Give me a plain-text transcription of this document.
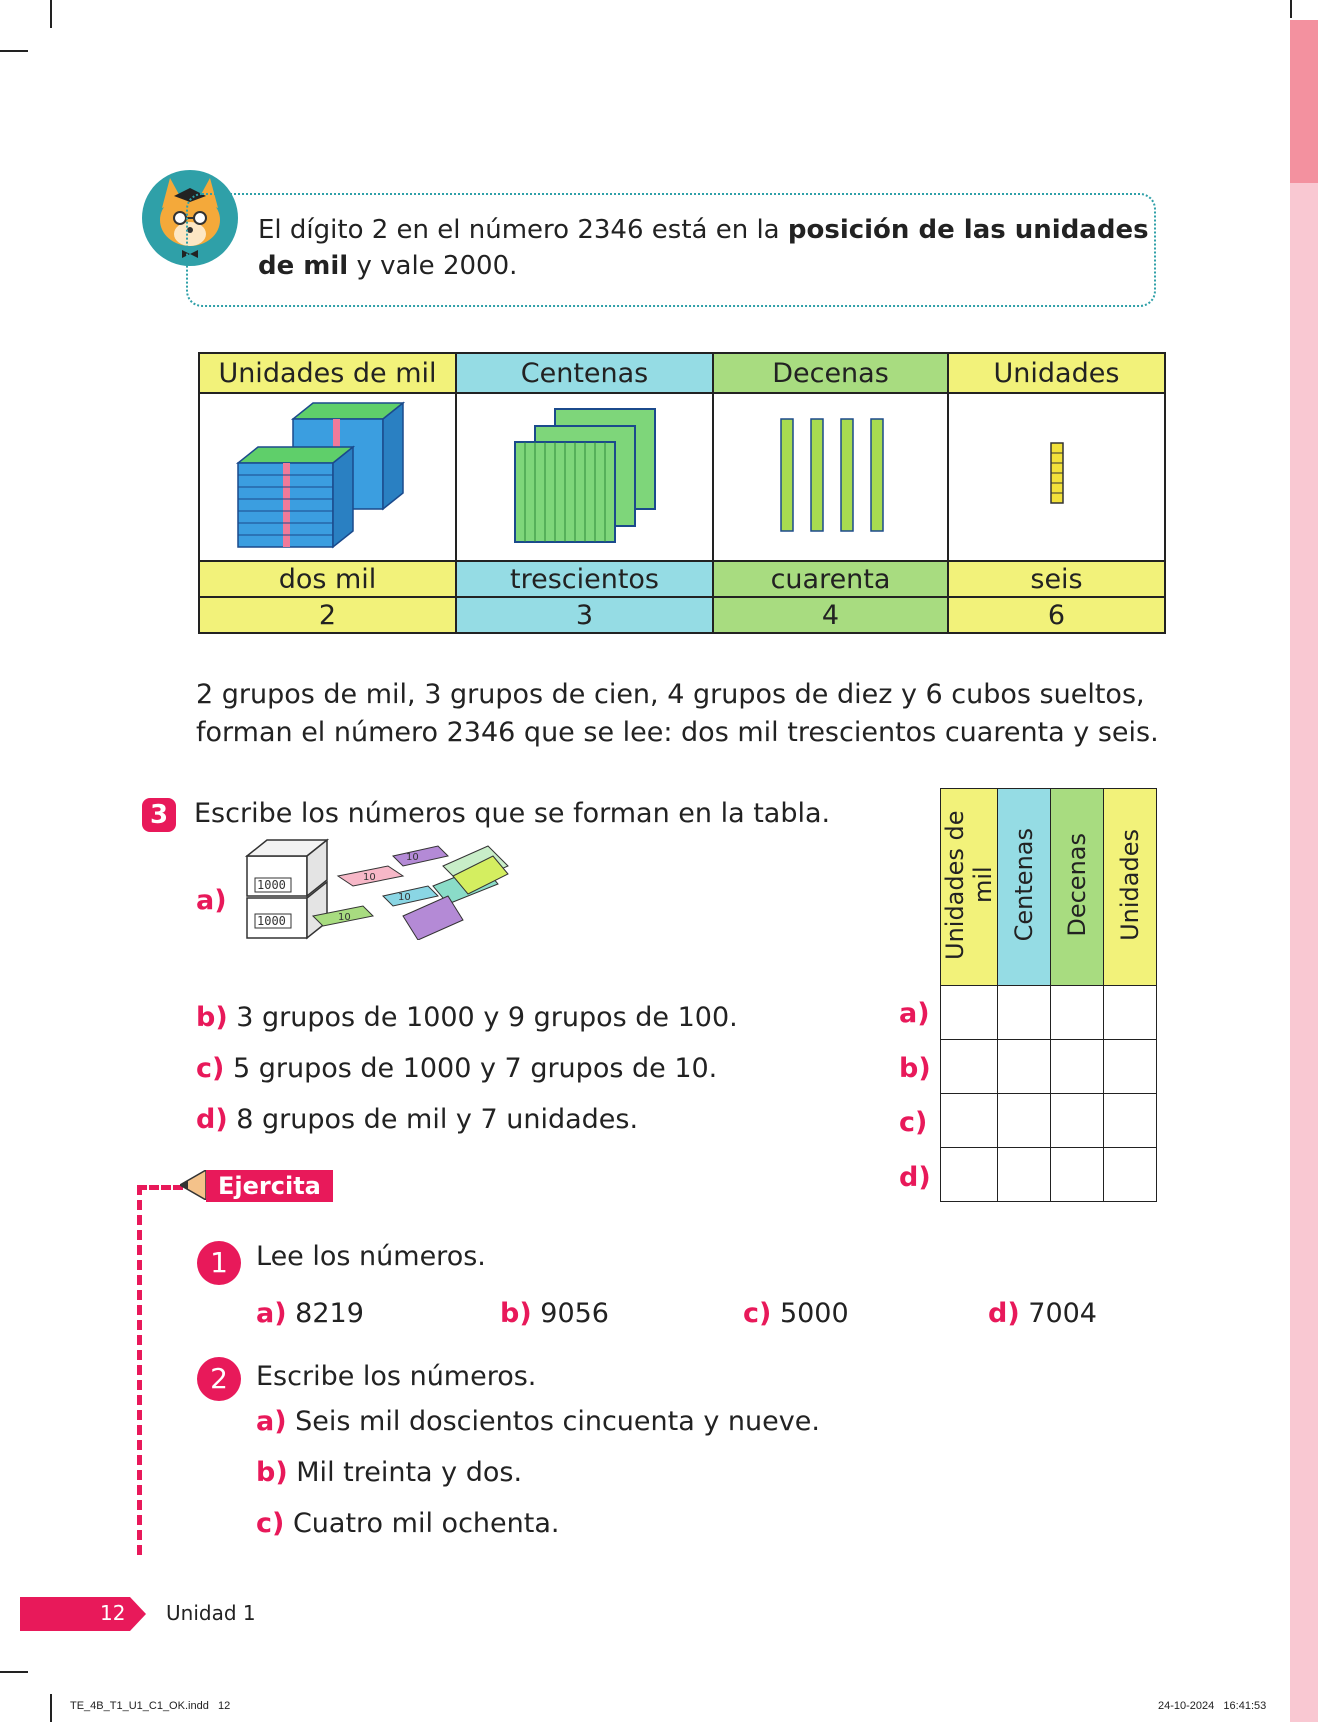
El dígito 2 en el número 2346 está en la posición de las unidades de mil y vale 2000.
Unidades de mil	Centenas	Decenas	Unidades

dos mil	trescientos	cuarenta	seis
2	3	4	6
2 grupos de mil, 3 grupos de cien, 4 grupos de diez y 6 cubos sueltos,
forman el número 2346 que se lee: dos mil trescientos cuarenta y seis.
3 Escribe los números que se forman en la tabla.
a)	1000
1000
10
10
10
10
b) 3 grupos de 1000 y 9 grupos de 100.
c) 5 grupos de 1000 y 7 grupos de 10.
d) 8 grupos de mil y 7 unidades.
Unidades de mil	Centenas	Decenas	Unidades

a)
b)
c)
d)
Ejercita
1	Lee los números.
a) 8219	b) 9056	c) 5000	d) 7004
2	Escribe los números.
a) Seis mil doscientos cincuenta y nueve.
b) Mil treinta y dos.
c) Cuatro mil ochenta.
12 Unidad 1
TE_4B_T1_U1_C1_OK.indd   12	24-10-2024   16:41:53
